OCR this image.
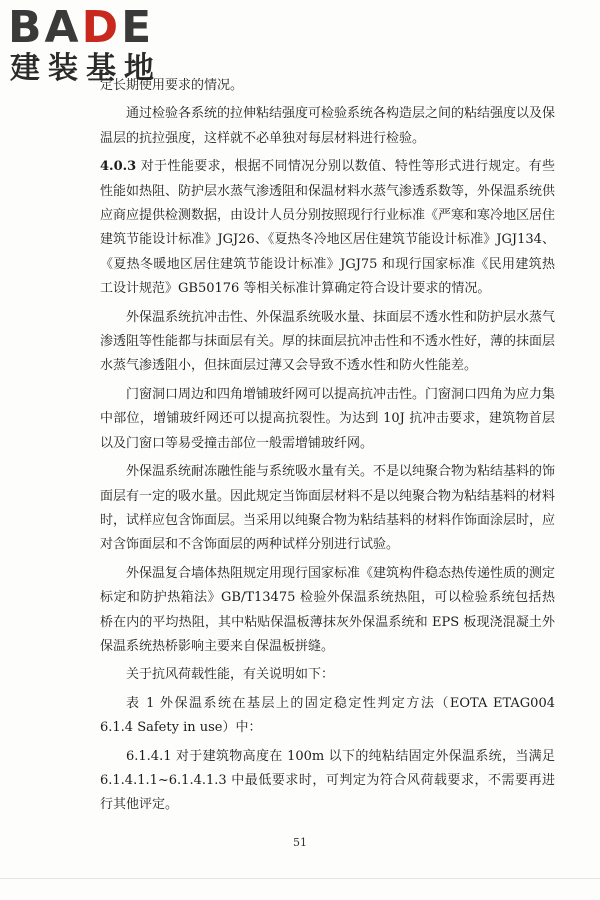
BADE
建装基地

定长期使用要求的情况。

通过检验各系统的拉伸粘结强度可检验系统各构造层之间的粘结强度以及保温层的抗拉强度，这样就不必单独对每层材料进行检验。

4.0.3 对于性能要求，根据不同情况分别以数值、特性等形式进行规定。有些性能如热阻、防护层水蒸气渗透阻和保温材料水蒸气渗透系数等，外保温系统供应商应提供检测数据，由设计人员分别按照现行行业标准《严寒和寒冷地区居住建筑节能设计标准》JGJ26、《夏热冬冷地区居住建筑节能设计标准》JGJ134、《夏热冬暖地区居住建筑节能设计标准》JGJ75 和现行国家标准《民用建筑热工设计规范》GB50176 等相关标准计算确定符合设计要求的情况。

外保温系统抗冲击性、外保温系统吸水量、抹面层不透水性和防护层水蒸气渗透阻等性能都与抹面层有关。厚的抹面层抗冲击性和不透水性好，薄的抹面层水蒸气渗透阻小，但抹面层过薄又会导致不透水性和防火性能差。

门窗洞口周边和四角增铺玻纤网可以提高抗冲击性。门窗洞口四角为应力集中部位，增铺玻纤网还可以提高抗裂性。为达到 10J 抗冲击要求，建筑物首层以及门窗口等易受撞击部位一般需增铺玻纤网。

外保温系统耐冻融性能与系统吸水量有关。不是以纯聚合物为粘结基料的饰面层有一定的吸水量。因此规定当饰面层材料不是以纯聚合物为粘结基料的材料时，试样应包含饰面层。当采用以纯聚合物为粘结基料的材料作饰面涂层时，应对含饰面层和不含饰面层的两种试样分别进行试验。

外保温复合墙体热阻规定用现行国家标准《建筑构件稳态热传递性质的测定 标定和防护热箱法》GB/T13475 检验外保温系统热阻，可以检验系统包括热桥在内的平均热阻，其中粘贴保温板薄抹灰外保温系统和 EPS 板现浇混凝土外保温系统热桥影响主要来自保温板拼缝。

关于抗风荷载性能，有关说明如下：

表 1 外保温系统在基层上的固定稳定性判定方法（EOTA ETAG004 6.1.4 Safety in use）中：

6.1.4.1 对于建筑物高度在 100m 以下的纯粘结固定外保温系统，当满足 6.1.4.1.1~6.1.4.1.3 中最低要求时，可判定为符合风荷载要求，不需要再进行其他评定。

51
